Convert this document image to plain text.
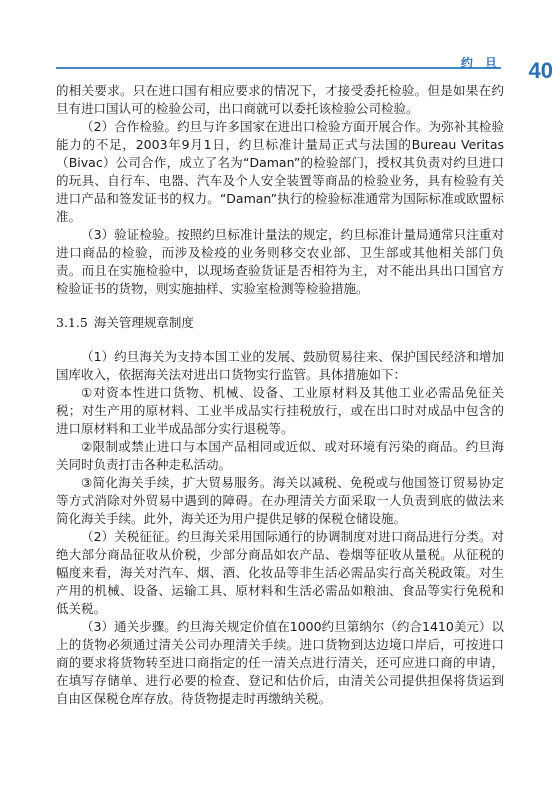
约 旦 40

的相关要求。只在进口国有相应要求的情况下，才接受委托检验。但是如果在约旦有进口国认可的检验公司，出口商就可以委托该检验公司检验。

（2）合作检验。约旦与许多国家在进出口检验方面开展合作。为弥补其检验能力的不足，2003年9月1日，约旦标准计量局正式与法国的Bureau Veritas（Bivac）公司合作，成立了名为“Daman”的检验部门，授权其负责对约旦进口的玩具、自行车、电器、汽车及个人安全装置等商品的检验业务，具有检验有关进口产品和签发证书的权力。“Daman”执行的检验标准通常为国际标准或欧盟标准。

（3）验证检验。按照约旦标准计量法的规定，约旦标准计量局通常只注重对进口商品的检验，而涉及检疫的业务则移交农业部、卫生部或其他相关部门负责。而且在实施检验中，以现场查验货证是否相符为主，对不能出具出口国官方检验证书的货物，则实施抽样、实验室检测等检验措施。

3.1.5 海关管理规章制度

（1）约旦海关为支持本国工业的发展、鼓励贸易往来、保护国民经济和增加国库收入，依据海关法对进出口货物实行监管。具体措施如下：

①对资本性进口货物、机械、设备、工业原材料及其他工业必需品免征关税；对生产用的原材料、工业半成品实行挂税放行，或在出口时对成品中包含的进口原材料和工业半成品部分实行退税等。

②限制或禁止进口与本国产品相同或近似、或对环境有污染的商品。约旦海关同时负责打击各种走私活动。

③简化海关手续，扩大贸易服务。海关以减税、免税或与他国签订贸易协定等方式消除对外贸易中遇到的障碍。在办理清关方面采取一人负责到底的做法来简化海关手续。此外，海关还为用户提供足够的保税仓储设施。

（2）关税征征。约旦海关采用国际通行的协调制度对进口商品进行分类。对绝大部分商品征收从价税，少部分商品如农产品、卷烟等征收从量税。从征税的幅度来看，海关对汽车、烟、酒、化妆品等非生活必需品实行高关税政策。对生产用的机械、设备、运输工具、原材料和生活必需品如粮油、食品等实行免税和低关税。

（3）通关步骤。约旦海关规定价值在1000约旦第纳尔（约合1410美元）以上的货物必须通过清关公司办理清关手续。进口货物到达边境口岸后，可按进口商的要求将货物转至进口商指定的任一清关点进行清关，还可应进口商的申请，在填写存储单、进行必要的检查、登记和估价后，由清关公司提供担保将货运到自由区保税仓库存放。待货物提走时再缴纳关税。
